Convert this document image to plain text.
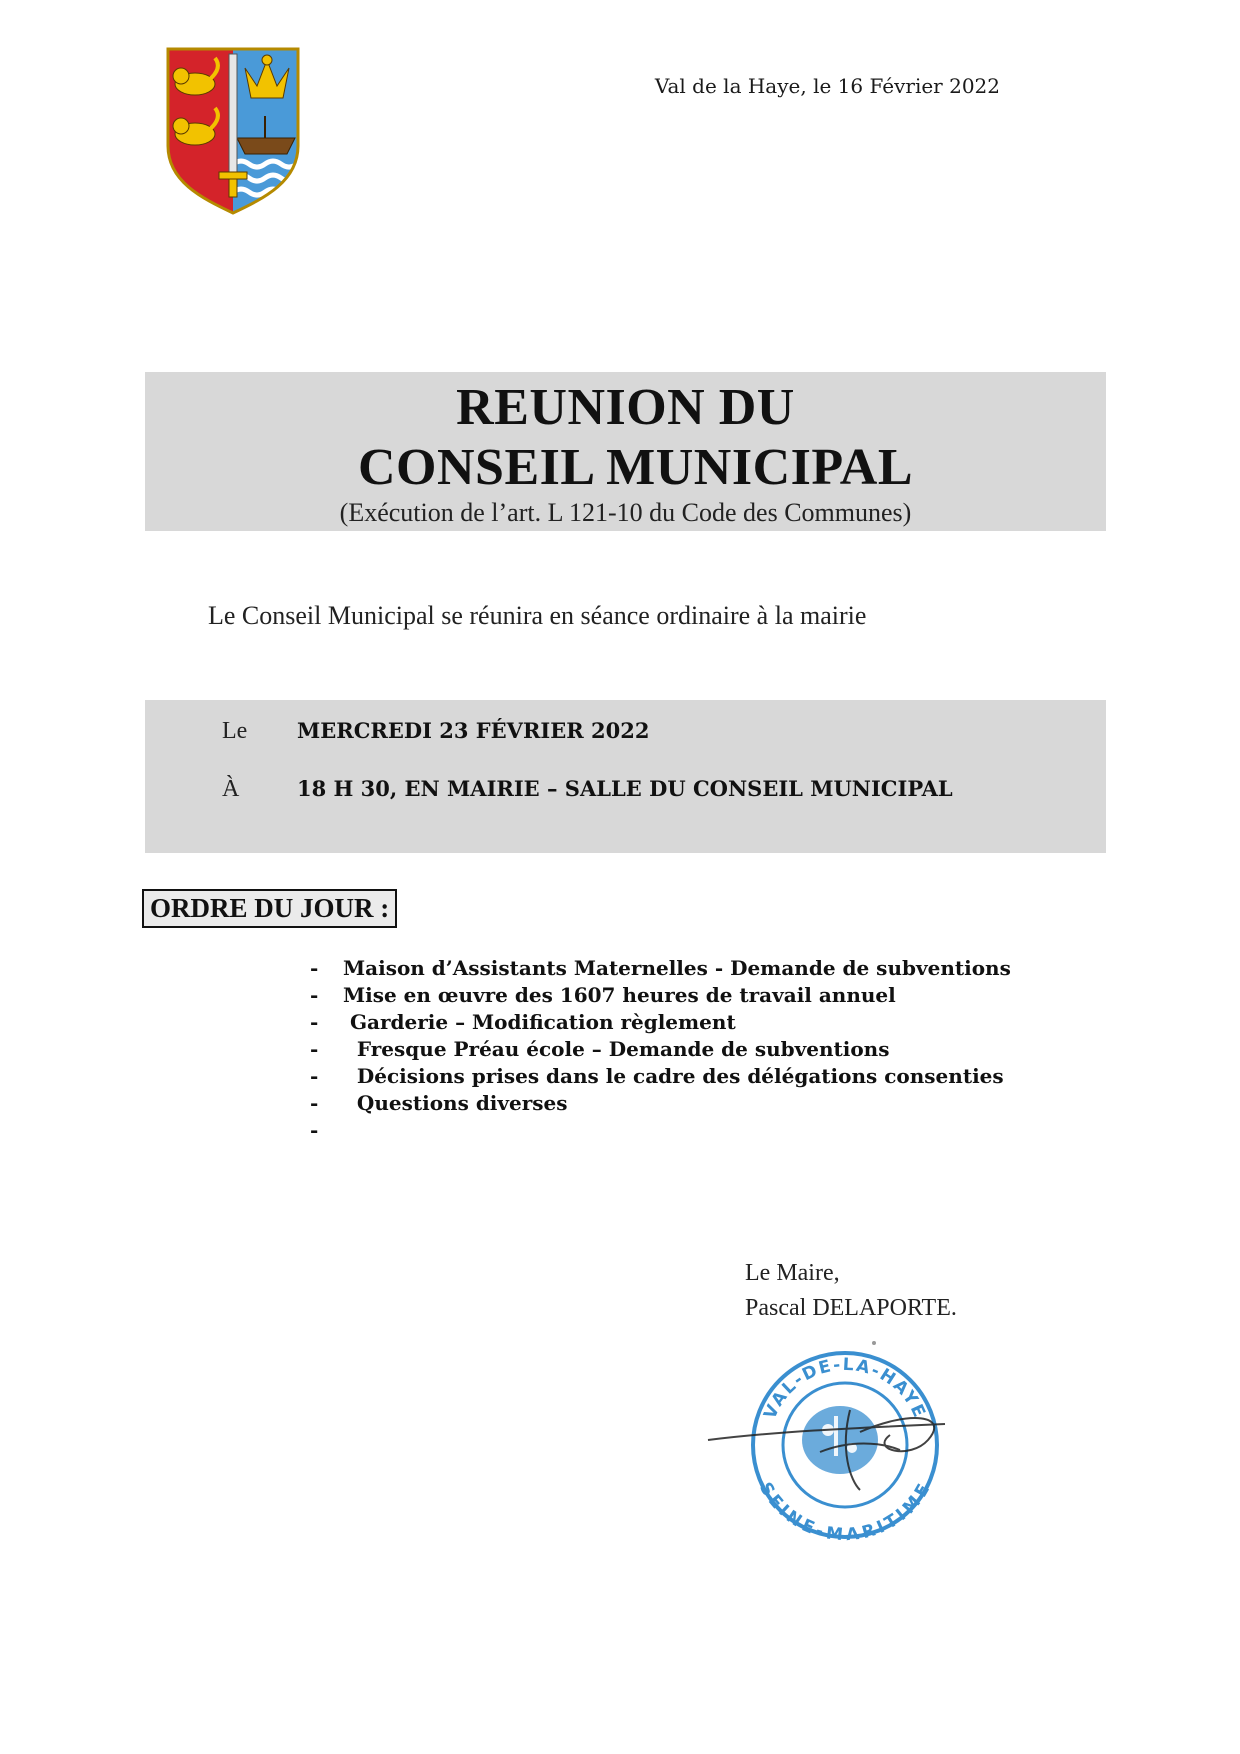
Val de la Haye, le 16 Février 2022
REUNION DU
CONSEIL MUNICIPAL
(Exécution de l’art. L 121-10 du Code des Communes)
Le Conseil Municipal se réunira en séance ordinaire à la mairie
Le MERCREDI 23 FÉVRIER 2022
À	18 H 30, EN MAIRIE – SALLE DU CONSEIL MUNICIPAL
ORDRE DU JOUR :
- Maison d’Assistants Maternelles - Demande de subventions
- Mise en œuvre des 1607 heures de travail annuel
- Garderie – Modification règlement
-  Fresque Préau école – Demande de subventions
-  Décisions prises dans le cadre des délégations consenties
-  Questions diverses
-
Le Maire,
Pascal DELAPORTE.
VAL-DE-LA-HAYE
SEINE-MARITIME
